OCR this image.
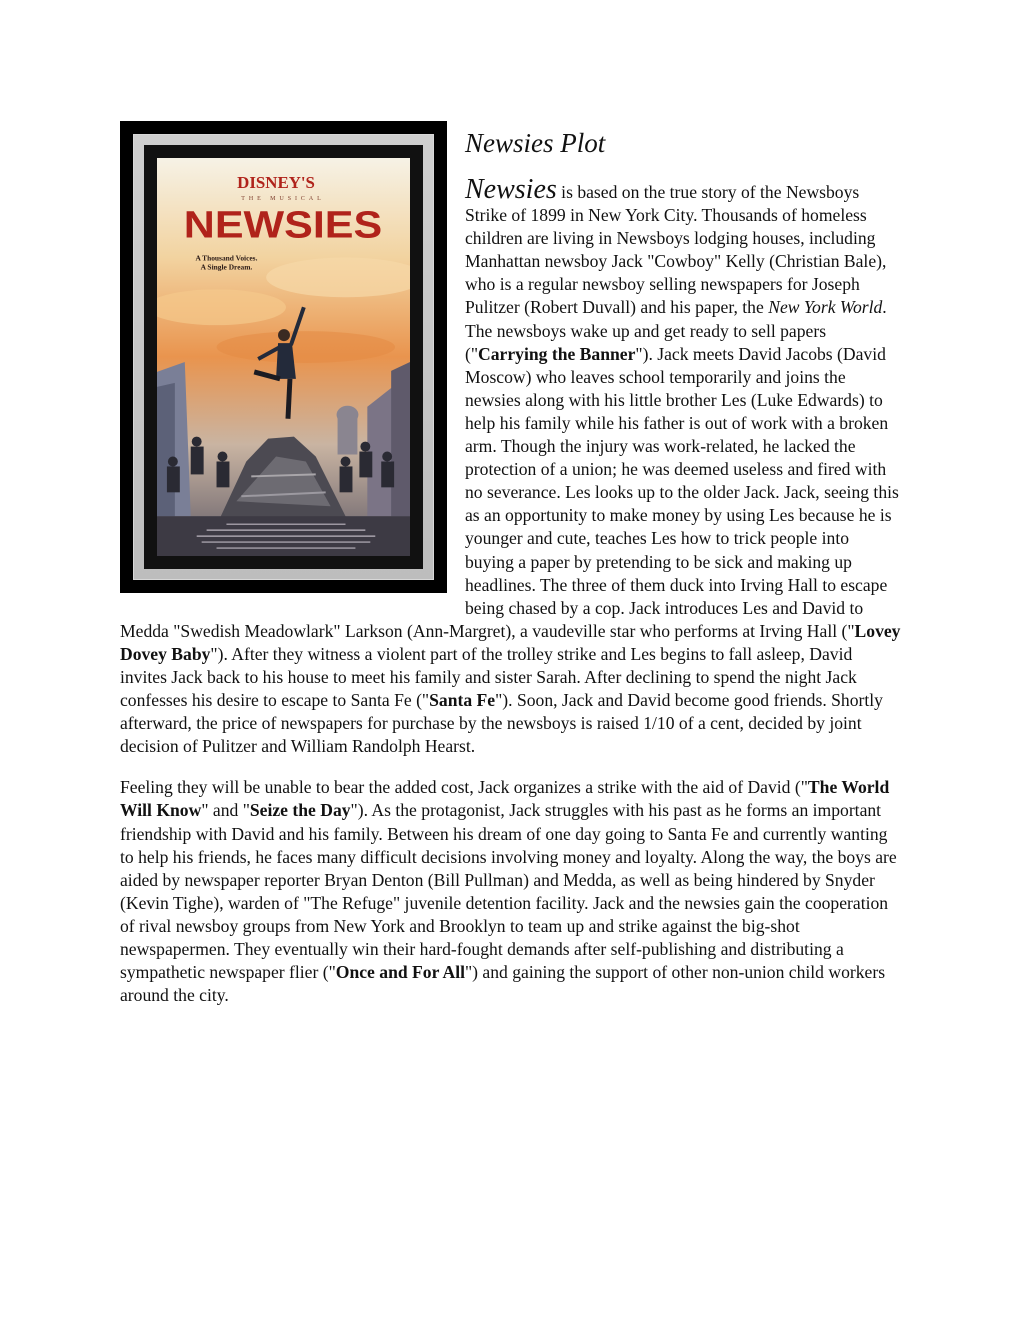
DISNEY'S
THE MUSICAL
NEWSIES
A Thousand Voices.
A Single Dream.
Newsies Plot

Newsies is based on the true story of the Newsboys Strike of 1899 in New York City. Thousands of homeless children are living in Newsboys lodging houses, including Manhattan newsboy Jack "Cowboy" Kelly (Christian Bale), who is a regular newsboy selling newspapers for Joseph Pulitzer (Robert Duvall) and his paper, the New York World. The newsboys wake up and get ready to sell papers ("Carrying the Banner"). Jack meets David Jacobs (David Moscow) who leaves school temporarily and joins the newsies along with his little brother Les (Luke Edwards) to help his family while his father is out of work with a broken arm. Though the injury was work-related, he lacked the protection of a union; he was deemed useless and fired with no severance. Les looks up to the older Jack. Jack, seeing this as an opportunity to make money by using Les because he is younger and cute, teaches Les how to trick people into buying a paper by pretending to be sick and making up headlines. The three of them duck into Irving Hall to escape being chased by a cop. Jack introduces Les and David to Medda "Swedish Meadowlark" Larkson (Ann-Margret), a vaudeville star who performs at Irving Hall ("Lovey Dovey Baby"). After they witness a violent part of the trolley strike and Les begins to fall asleep, David invites Jack back to his house to meet his family and sister Sarah. After declining to spend the night Jack confesses his desire to escape to Santa Fe ("Santa Fe"). Soon, Jack and David become good friends. Shortly afterward, the price of newspapers for purchase by the newsboys is raised 1/10 of a cent, decided by joint decision of Pulitzer and William Randolph Hearst.

Feeling they will be unable to bear the added cost, Jack organizes a strike with the aid of David ("The World Will Know" and "Seize the Day"). As the protagonist, Jack struggles with his past as he forms an important friendship with David and his family. Between his dream of one day going to Santa Fe and currently wanting to help his friends, he faces many difficult decisions involving money and loyalty. Along the way, the boys are aided by newspaper reporter Bryan Denton (Bill Pullman) and Medda, as well as being hindered by Snyder (Kevin Tighe), warden of "The Refuge" juvenile detention facility. Jack and the newsies gain the cooperation of rival newsboy groups from New York and Brooklyn to team up and strike against the big-shot newspapermen. They eventually win their hard-fought demands after self-publishing and distributing a sympathetic newspaper flier ("Once and For All") and gaining the support of other non-union child workers around the city.
